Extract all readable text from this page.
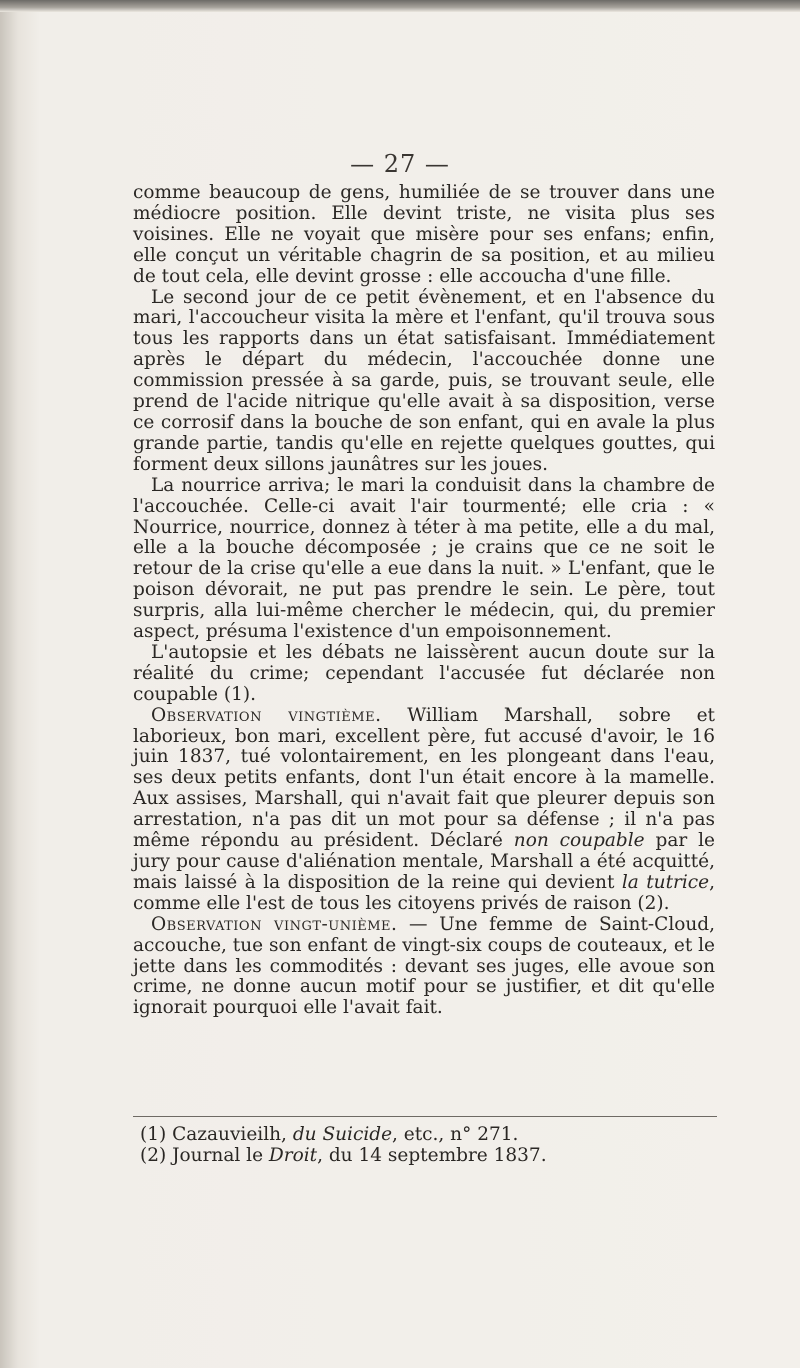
— 27 —

comme beaucoup de gens, humiliée de se trouver dans une médiocre position. Elle devint triste, ne visita plus ses voisines. Elle ne voyait que misère pour ses enfans; enfin, elle conçut un véritable chagrin de sa position, et au milieu de tout cela, elle devint grosse : elle accoucha d'une fille.

Le second jour de ce petit évènement, et en l'absence du mari, l'accoucheur visita la mère et l'enfant, qu'il trouva sous tous les rapports dans un état satisfaisant. Immédiatement après le départ du médecin, l'accouchée donne une commission pressée à sa garde, puis, se trouvant seule, elle prend de l'acide nitrique qu'elle avait à sa disposition, verse ce corrosif dans la bouche de son enfant, qui en avale la plus grande partie, tandis qu'elle en rejette quelques gouttes, qui forment deux sillons jaunâtres sur les joues.

La nourrice arriva; le mari la conduisit dans la chambre de l'accouchée. Celle-ci avait l'air tourmenté; elle cria : « Nourrice, nourrice, donnez à téter à ma petite, elle a du mal, elle a la bouche décomposée ; je crains que ce ne soit le retour de la crise qu'elle a eue dans la nuit. » L'enfant, que le poison dévorait, ne put pas prendre le sein. Le père, tout surpris, alla lui-même chercher le médecin, qui, du premier aspect, présuma l'existence d'un empoisonnement.

L'autopsie et les débats ne laissèrent aucun doute sur la réalité du crime; cependant l'accusée fut déclarée non coupable (1).

Observation vingtième. William Marshall, sobre et laborieux, bon mari, excellent père, fut accusé d'avoir, le 16 juin 1837, tué volontairement, en les plongeant dans l'eau, ses deux petits enfants, dont l'un était encore à la mamelle. Aux assises, Marshall, qui n'avait fait que pleurer depuis son arrestation, n'a pas dit un mot pour sa défense ; il n'a pas même répondu au président. Déclaré non coupable par le jury pour cause d'aliénation mentale, Marshall a été acquitté, mais laissé à la disposition de la reine qui devient la tutrice, comme elle l'est de tous les citoyens privés de raison (2).

Observation vingt-unième. — Une femme de Saint-Cloud, accouche, tue son enfant de vingt-six coups de couteaux, et le jette dans les commodités : devant ses juges, elle avoue son crime, ne donne aucun motif pour se justifier, et dit qu'elle ignorait pourquoi elle l'avait fait.

(1) Cazauvieilh, du Suicide, etc., n° 271.
(2) Journal le Droit, du 14 septembre 1837.
